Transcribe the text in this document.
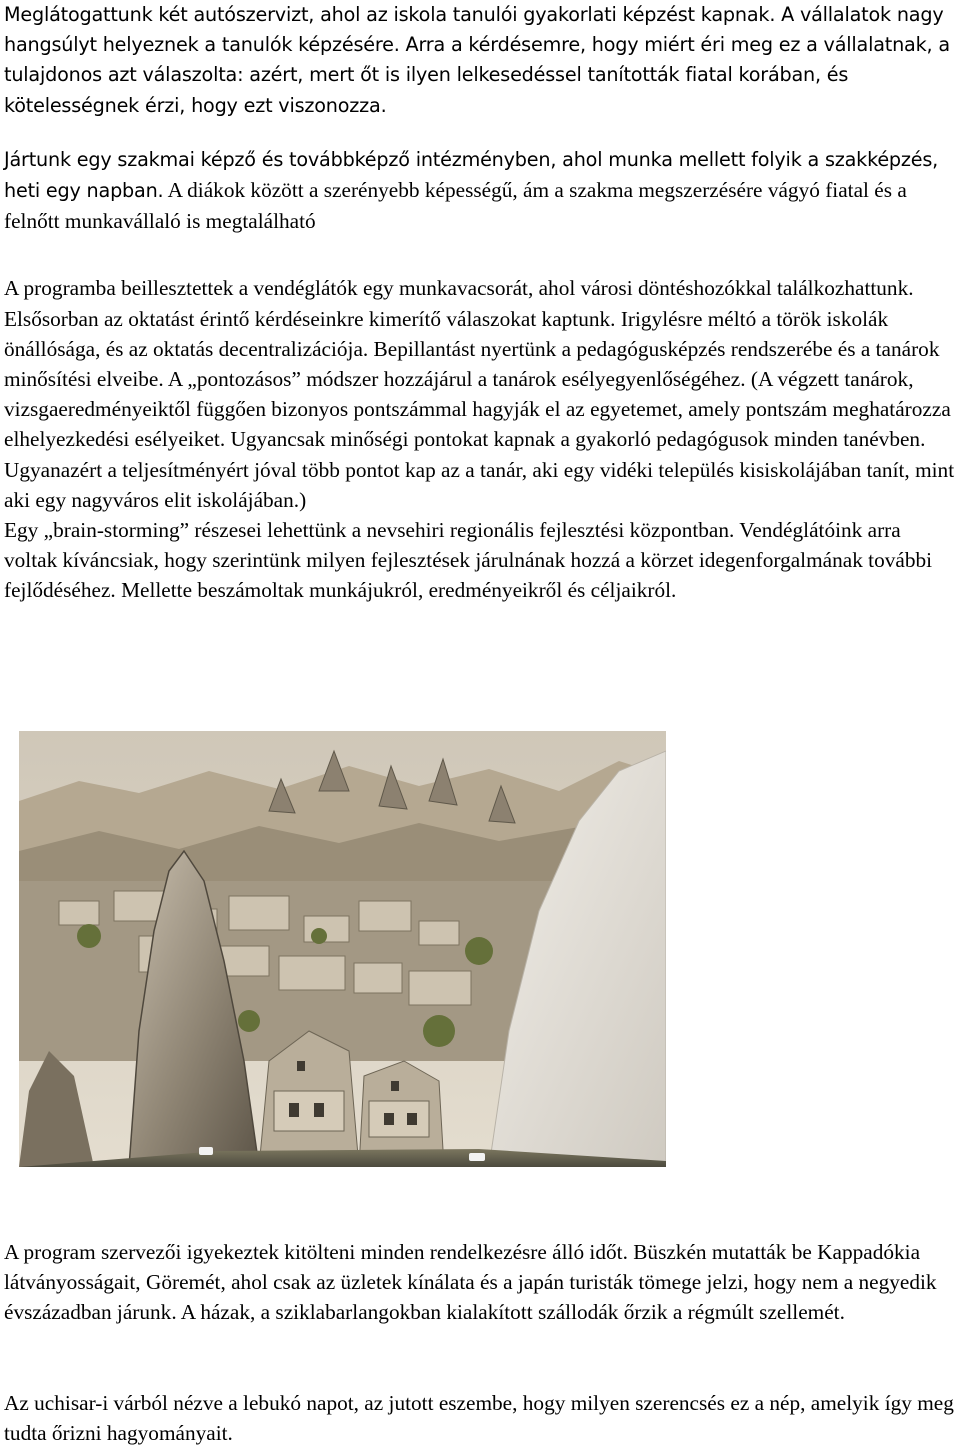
Meglátogattunk két autószervizt, ahol az iskola tanulói gyakorlati képzést kapnak. A vállalatok nagy hangsúlyt helyeznek a tanulók képzésére. Arra a kérdésemre, hogy miért éri meg ez a vállalatnak, a tulajdonos azt válaszolta: azért, mert őt is ilyen lelkesedéssel tanították fiatal korában, és kötelességnek érzi, hogy ezt viszonozza.

Jártunk egy szakmai képző és továbbképző intézményben, ahol munka mellett folyik a szakképzés, heti egy napban. A diákok között a szerényebb képességű, ám a szakma megszerzésére vágyó fiatal és a felnőtt munkavállaló is megtalálható

A programba beillesztettek a vendéglátók egy munkavacsorát, ahol városi döntéshozókkal találkozhattunk. Elsősorban az oktatást érintő kérdéseinkre kimerítő válaszokat kaptunk. Irigylésre méltó a török iskolák önállósága, és az oktatás decentralizációja. Bepillantást nyertünk a pedagógusképzés rendszerébe és a tanárok minősítési elveibe. A „pontozásos” módszer hozzájárul a tanárok esélyegyenlőségéhez. (A végzett tanárok, vizsgaeredményeiktől függően bizonyos pontszámmal hagyják el az egyetemet, amely pontszám meghatározza elhelyezkedési esélyeiket. Ugyancsak minőségi pontokat kapnak a gyakorló pedagógusok minden tanévben. Ugyanazért a teljesítményért jóval több pontot kap az a tanár, aki egy vidéki település kisiskolájában tanít, mint aki egy nagyváros elit iskolájában.)

Egy „brain-storming” részesei lehettünk a nevsehiri regionális fejlesztési központban. Vendéglátóink arra voltak kíváncsiak, hogy szerintünk milyen fejlesztések járulnának hozzá a körzet idegenforgalmának további fejlődéséhez. Mellette beszámoltak munkájukról, eredményeikről és céljaikról.

A program szervezői igyekeztek kitölteni minden rendelkezésre álló időt. Büszkén mutatták be Kappadókia látványosságait, Göremét, ahol csak az üzletek kínálata és a japán turisták tömege jelzi, hogy nem a negyedik évszázadban járunk. A házak, a sziklabarlangokban kialakított szállodák őrzik a régmúlt szellemét.

Az uchisar-i várból nézve a lebukó napot, az jutott eszembe, hogy milyen szerencsés ez a nép, amelyik így meg tudta őrizni hagyományait.
